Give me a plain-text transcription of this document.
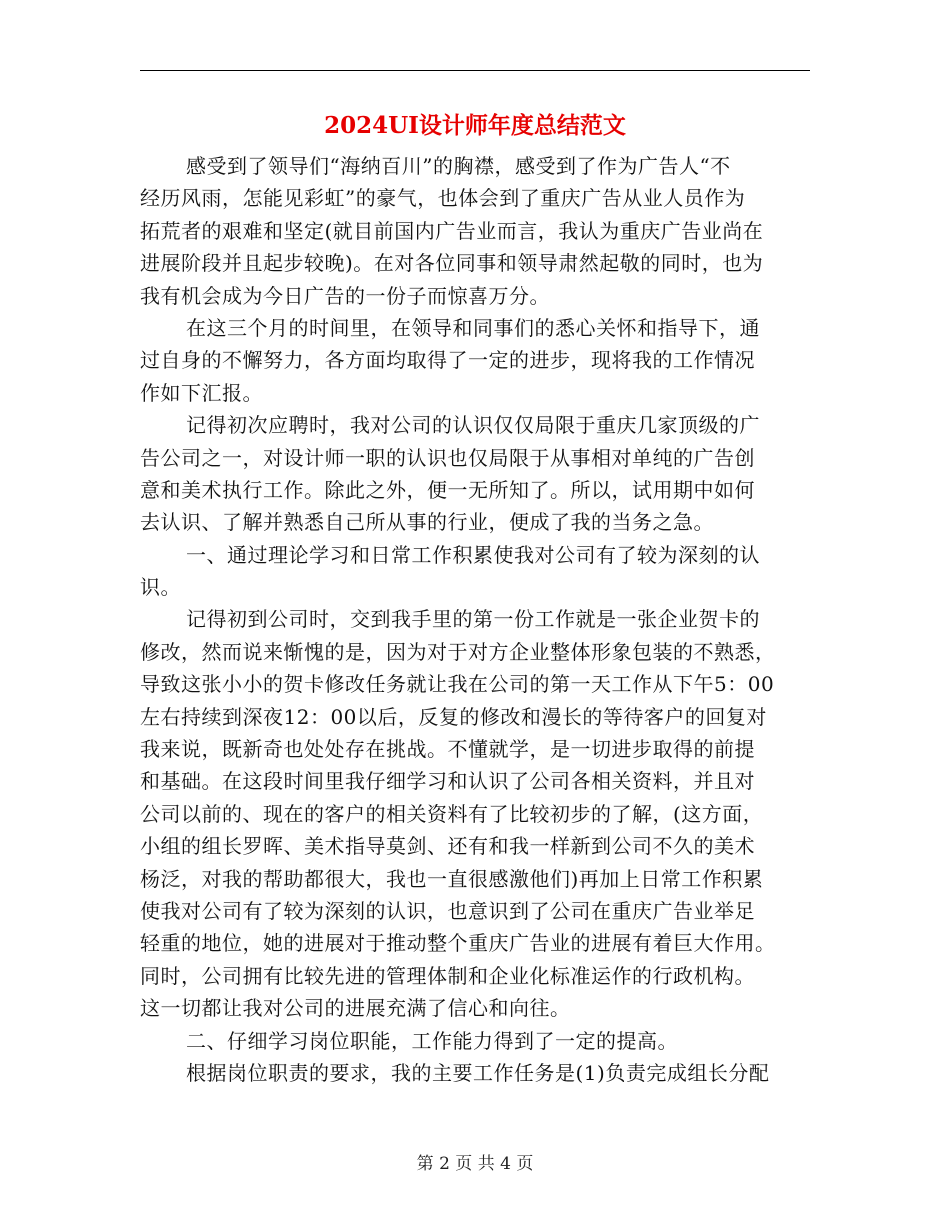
2024UI设计师年度总结范文
感受到了领导们“海纳百川”的胸襟，感受到了作为广告人“不
经历风雨，怎能见彩虹”的豪气，也体会到了重庆广告从业人员作为
拓荒者的艰难和坚定(就目前国内广告业而言，我认为重庆广告业尚在
进展阶段并且起步较晚)。在对各位同事和领导肃然起敬的同时，也为
我有机会成为今日广告的一份子而惊喜万分。
在这三个月的时间里，在领导和同事们的悉心关怀和指导下，通
过自身的不懈努力，各方面均取得了一定的进步，现将我的工作情况
作如下汇报。
记得初次应聘时，我对公司的认识仅仅局限于重庆几家顶级的广
告公司之一，对设计师一职的认识也仅局限于从事相对单纯的广告创
意和美术执行工作。除此之外，便一无所知了。所以，试用期中如何
去认识、了解并熟悉自己所从事的行业，便成了我的当务之急。
一、通过理论学习和日常工作积累使我对公司有了较为深刻的认
识。
记得初到公司时，交到我手里的第一份工作就是一张企业贺卡的
修改，然而说来惭愧的是，因为对于对方企业整体形象包装的不熟悉，
导致这张小小的贺卡修改任务就让我在公司的第一天工作从下午5：00
左右持续到深夜12：00以后，反复的修改和漫长的等待客户的回复对
我来说，既新奇也处处存在挑战。不懂就学，是一切进步取得的前提
和基础。在这段时间里我仔细学习和认识了公司各相关资料，并且对
公司以前的、现在的客户的相关资料有了比较初步的了解，(这方面，
小组的组长罗晖、美术指导莫剑、还有和我一样新到公司不久的美术
杨泛，对我的帮助都很大，我也一直很感激他们)再加上日常工作积累
使我对公司有了较为深刻的认识，也意识到了公司在重庆广告业举足
轻重的地位，她的进展对于推动整个重庆广告业的进展有着巨大作用。
同时，公司拥有比较先进的管理体制和企业化标准运作的行政机构。
这一切都让我对公司的进展充满了信心和向往。
二、仔细学习岗位职能，工作能力得到了一定的提高。
根据岗位职责的要求，我的主要工作任务是(1)负责完成组长分配
第 2 页 共 4 页
